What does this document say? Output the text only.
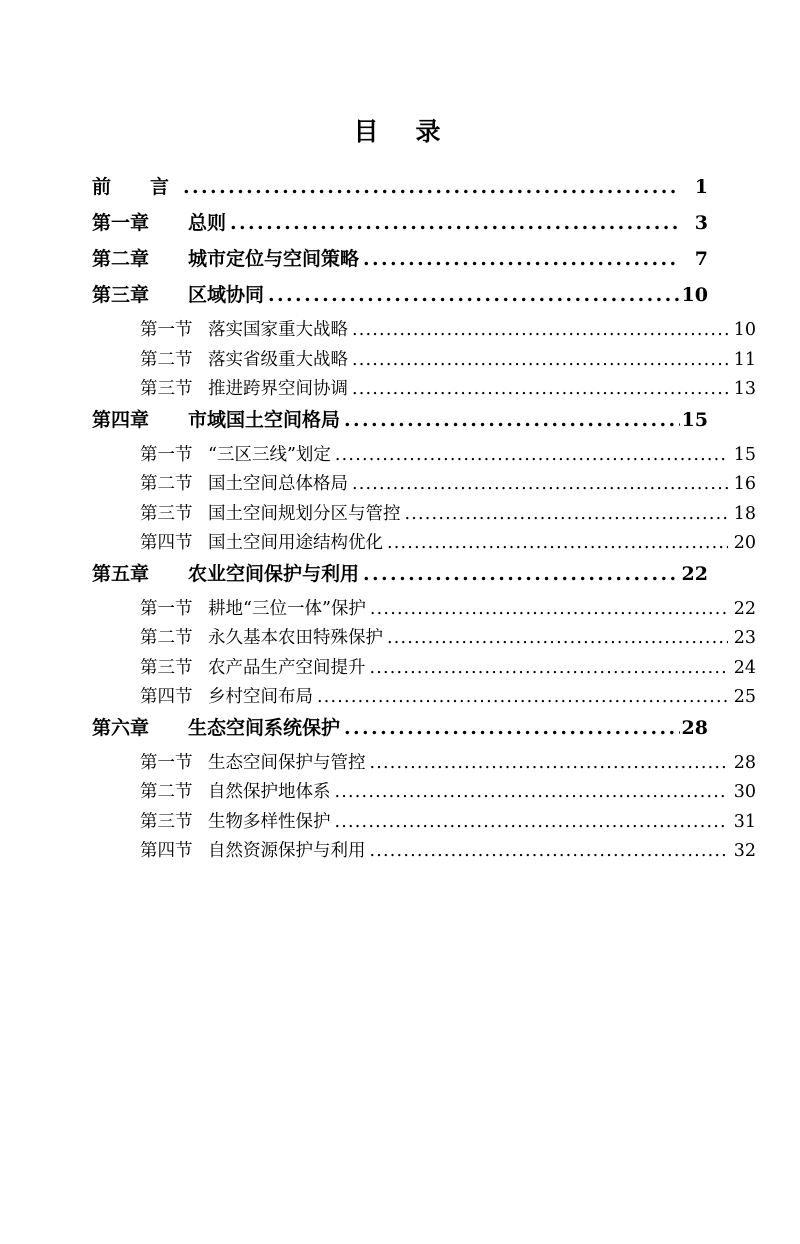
目　录
前　言 .....	1
第一章	总则 .....	3
第二章	城市定位与空间策略 .....	7
第三章	区域协同 .....	10
第一节 落实国家重大战略 .....	10
第二节 落实省级重大战略 .....	11
第三节 推进跨界空间协调 .....	13
第四章	市域国土空间格局 .....	15
第一节 “三区三线”划定 .....	15
第二节 国土空间总体格局 .....	16
第三节 国土空间规划分区与管控 .....	18
第四节 国土空间用途结构优化 .....	20
第五章	农业空间保护与利用 .....	22
第一节 耕地“三位一体”保护 .....	22
第二节 永久基本农田特殊保护 .....	23
第三节 农产品生产空间提升 .....	24
第四节 乡村空间布局 .....	25
第六章	生态空间系统保护 .....	28
第一节 生态空间保护与管控 .....	28
第二节 自然保护地体系 .....	30
第三节 生物多样性保护 .....	31
第四节 自然资源保护与利用 .....	32
